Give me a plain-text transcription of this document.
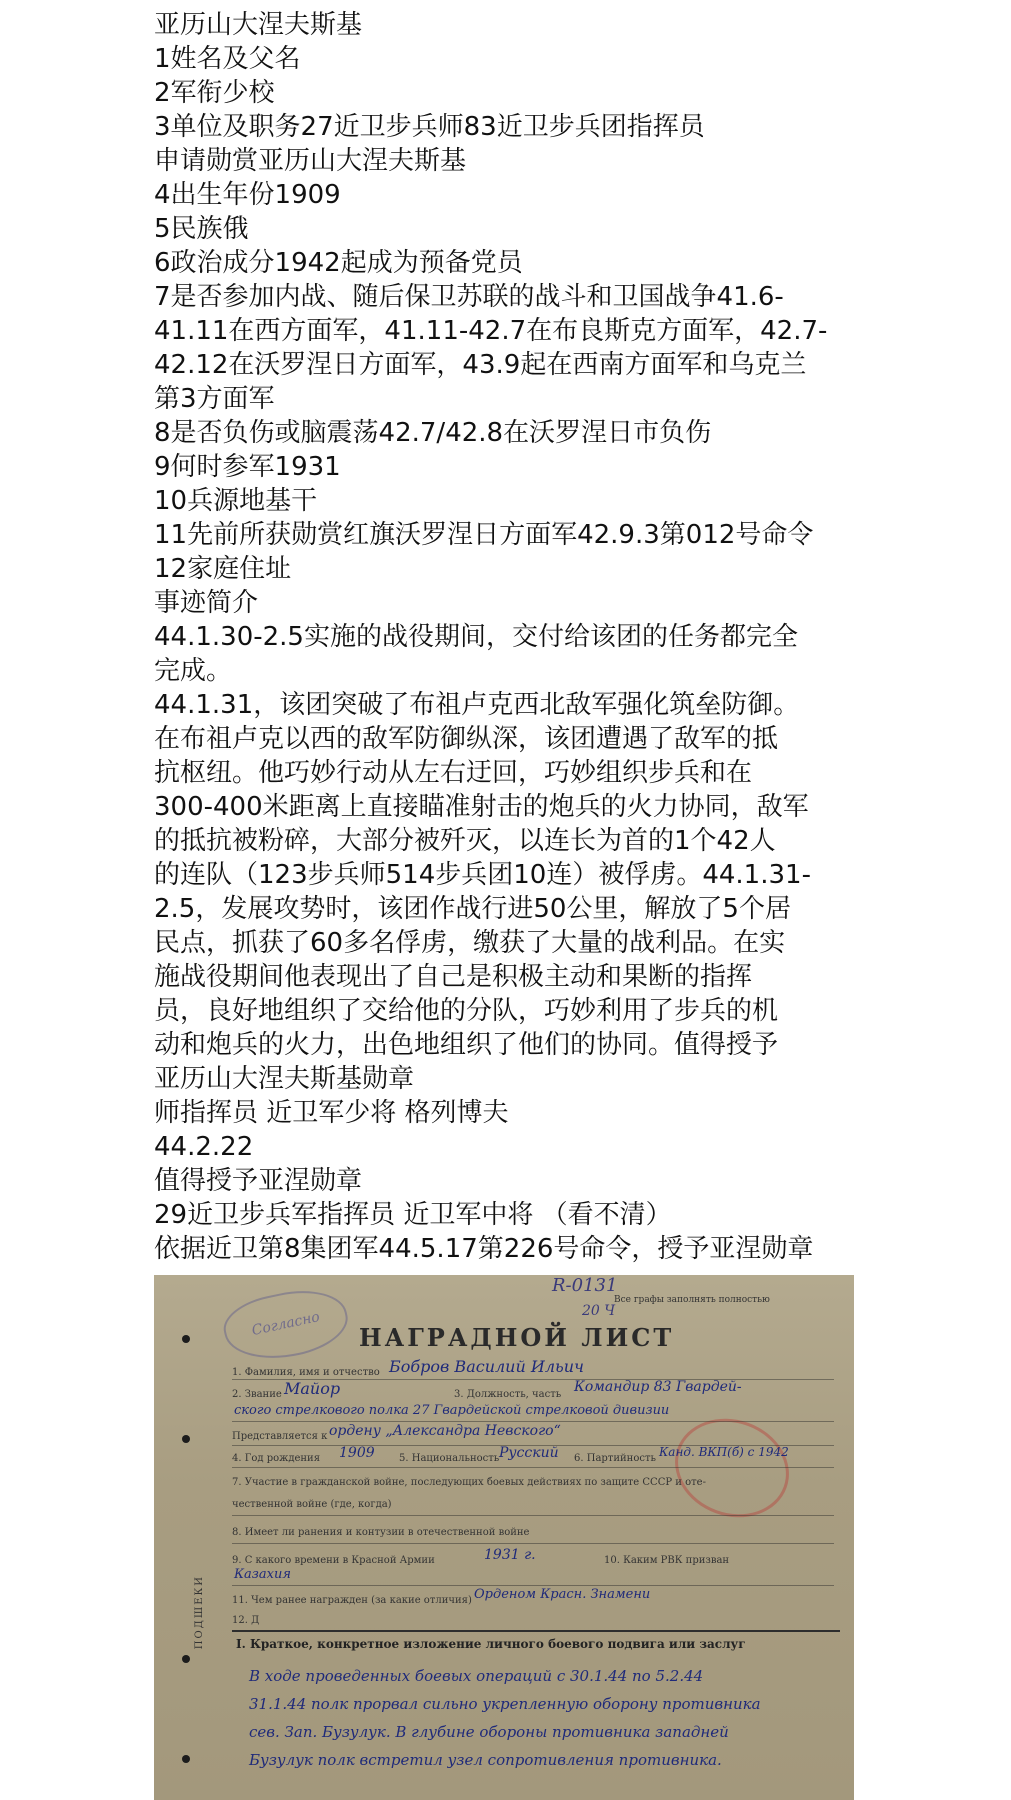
亚历山大涅夫斯基

1姓名及父名

2军衔少校

3单位及职务27近卫步兵师83近卫步兵团指挥员

申请勋赏亚历山大涅夫斯基

4出生年份1909

5民族俄

6政治成分1942起成为预备党员

7是否参加内战、随后保卫苏联的战斗和卫国战争41.6-

41.11在西方面军，41.11-42.7在布良斯克方面军，42.7-

42.12在沃罗涅日方面军，43.9起在西南方面军和乌克兰

第3方面军

8是否负伤或脑震荡42.7/42.8在沃罗涅日市负伤

9何时参军1931

10兵源地基干

11先前所获勋赏红旗沃罗涅日方面军42.9.3第012号命令

12家庭住址

事迹简介

44.1.30-2.5实施的战役期间，交付给该团的任务都完全

完成。

44.1.31，该团突破了布祖卢克西北敌军强化筑垒防御。

在布祖卢克以西的敌军防御纵深，该团遭遇了敌军的抵

抗枢纽。他巧妙行动从左右迂回，巧妙组织步兵和在

300-400米距离上直接瞄准射击的炮兵的火力协同，敌军

的抵抗被粉碎，大部分被歼灭，以连长为首的1个42人

的连队（123步兵师514步兵团10连）被俘虏。44.1.31-

2.5，发展攻势时，该团作战行进50公里，解放了5个居

民点，抓获了60多名俘虏，缴获了大量的战利品。在实

施战役期间他表现出了自己是积极主动和果断的指挥

员，良好地组织了交给他的分队，巧妙利用了步兵的机

动和炮兵的火力，出色地组织了他们的协同。值得授予

亚历山大涅夫斯基勋章

师指挥员 近卫军少将 格列博夫

44.2.22

值得授予亚涅勋章

29近卫步兵军指挥员 近卫军中将 （看不清）

依据近卫第8集团军44.5.17第226号命令，授予亚涅勋章

Согласно
R-0131
20 Ч
Все графы заполнять полностью
НАГРАДНОЙ ЛИСТ
ПОДШЕКИ
1. Фамилия, имя и отчество Бобров Василий Ильич
2. Звание Майор	3. Должность, часть Командир 83 Гвардей-
ского стрелкового полка 27 Гвардейской стрелковой дивизии
Представляется к ордену „Александра Невского“
4. Год рождения 1909 5. Национальность Русский 6. Партийность Канд. ВКП(б) с 1942
7. Участие в гражданской войне, последующих боевых действиях по защите СССР и оте-
чественной войне (где, когда)
8. Имеет ли ранения и контузии в отечественной войне
9. С какого времени в Красной Армии	1931 г.	10. Каким РВК призван
Казахия
11. Чем ранее награжден (за какие отличия) Орденом Красн. Знамени
12. Д
I. Краткое, конкретное изложение личного боевого подвига или заслуг
В ходе проведенных боевых операций с 30.1.44 по 5.2.44
31.1.44 полк прорвал сильно укрепленную оборону противника
сев. Зап. Бузулук. В глубине обороны противника западней
Бузулук полк встретил узел сопротивления противника.
